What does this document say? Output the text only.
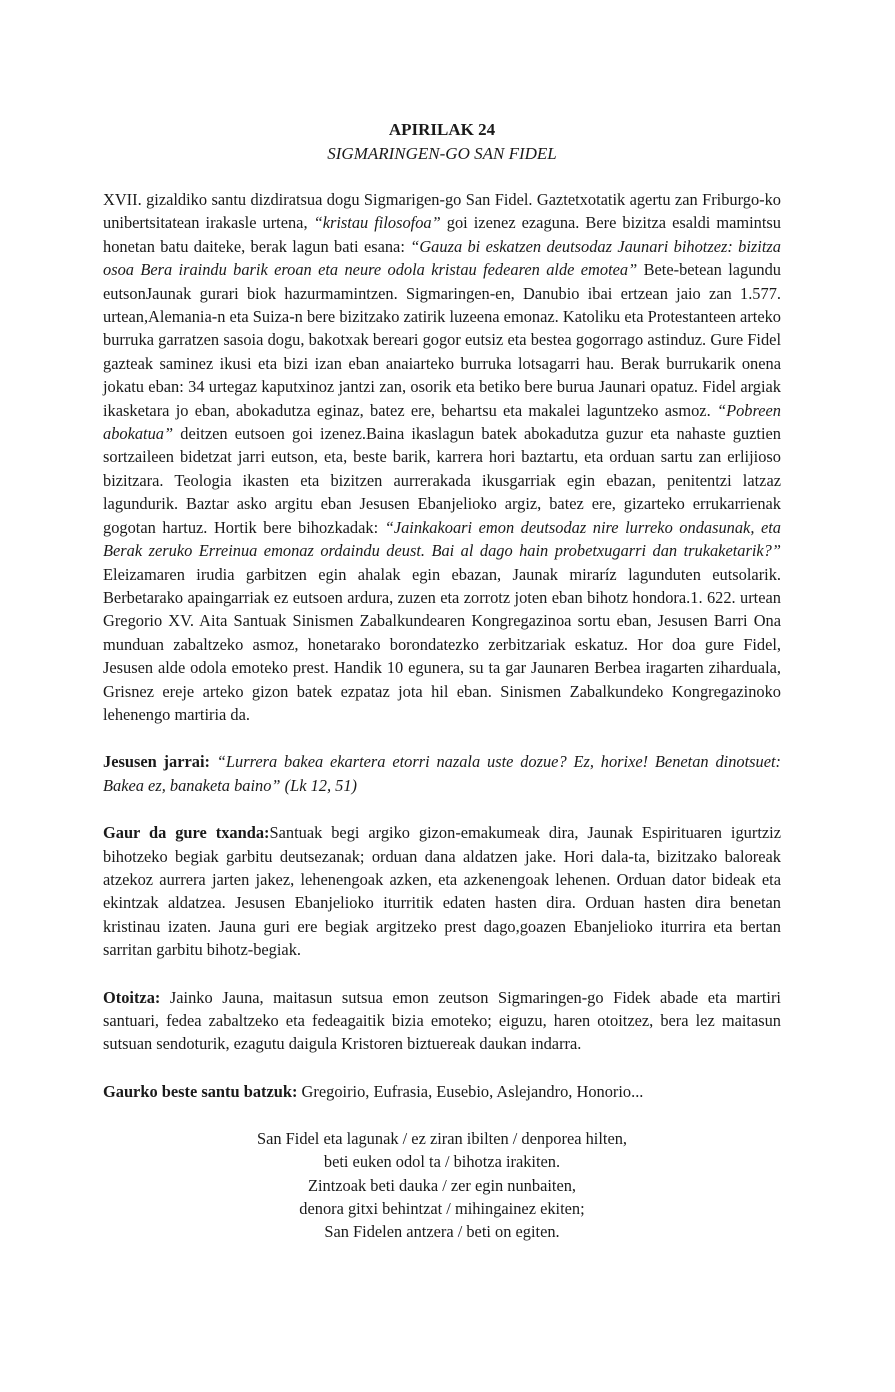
APIRILAK 24
SIGMARINGEN-GO SAN FIDEL

XVII. gizaldiko santu dizdiratsua dogu Sigmarigen-go San Fidel. Gaztetxotatik agertu zan Friburgo-ko unibertsitatean irakasle urtena, “kristau filosofoa” goi izenez ezaguna. Bere bizitza esaldi mamintsu honetan batu daiteke, berak lagun bati esana: “Gauza bi eskatzen deutsodaz Jaunari bihotzez: bizitza osoa Bera iraindu barik eroan eta neure odola kristau fedearen alde emotea” Bete-betean lagundu eutsonJaunak gurari biok hazurmamintzen. Sigmaringen-en, Danubio ibai ertzean jaio zan 1.577. urtean,Alemania-n eta Suiza-n bere bizitzako zatirik luzeena emonaz. Katoliku eta Protestanteen arteko burruka garratzen sasoia dogu, bakotxak bereari gogor eutsiz eta bestea gogorrago astinduz. Gure Fidel gazteak saminez ikusi eta bizi izan eban anaiarteko burruka lotsagarri hau. Berak burrukarik onena jokatu eban: 34 urtegaz kaputxinoz jantzi zan, osorik eta betiko bere burua Jaunari opatuz. Fidel argiak ikasketara jo eban, abokadutza eginaz, batez ere, behartsu eta makalei laguntzeko asmoz. “Pobreen abokatua” deitzen eutsoen goi izenez.Baina ikaslagun batek abokadutza guzur eta nahaste guztien sortzaileen bidetzat jarri eutson, eta, beste barik, karrera hori baztartu, eta orduan sartu zan erlijioso bizitzara. Teologia ikasten eta bizitzen aurrerakada ikusgarriak egin ebazan, penitentzi latzaz lagundurik. Baztar asko argitu eban Jesusen Ebanjelioko argiz, batez ere, gizarteko errukarrienak gogotan hartuz. Hortik bere bihozkadak: “Jainkakoari emon deutsodaz nire lurreko ondasunak, eta Berak zeruko Erreinua emonaz ordaindu deust. Bai al dago hain probetxugarri dan trukaketarik?” Eleizamaren irudia garbitzen egin ahalak egin ebazan, Jaunak miraríz lagunduten eutsolarik. Berbetarako apaingarriak ez eutsoen ardura, zuzen eta zorrotz joten eban bihotz hondora.1. 622. urtean Gregorio XV. Aita Santuak Sinismen Zabalkundearen Kongregazinoa sortu eban, Jesusen Barri Ona munduan zabaltzeko asmoz, honetarako borondatezko zerbitzariak eskatuz. Hor doa gure Fidel, Jesusen alde odola emoteko prest. Handik 10 egunera, su ta gar Jaunaren Berbea iragarten ziharduala, Grisnez ereje arteko gizon batek ezpataz jota hil eban. Sinismen Zabalkundeko Kongregazinoko lehenengo martiria da.

Jesusen jarrai: “Lurrera bakea ekartera etorri nazala uste dozue? Ez, horixe! Benetan dinotsuet: Bakea ez, banaketa baino” (Lk 12, 51)

Gaur da gure txanda:Santuak begi argiko gizon-emakumeak dira, Jaunak Espirituaren igurtziz bihotzeko begiak garbitu deutsezanak; orduan dana aldatzen jake. Hori dala-ta, bizitzako baloreak atzekoz aurrera jarten jakez, lehenengoak azken, eta azkenengoak lehenen. Orduan dator bideak eta ekintzak aldatzea. Jesusen Ebanjelioko iturritik edaten hasten dira. Orduan hasten dira benetan kristinau izaten. Jauna guri ere begiak argitzeko prest dago,goazen Ebanjelioko iturrira eta bertan sarritan garbitu bihotz-begiak.

Otoitza: Jainko Jauna, maitasun sutsua emon zeutson Sigmaringen-go Fidek abade eta martiri santuari, fedea zabaltzeko eta fedeagaitik bizia emoteko; eiguzu, haren otoitzez, bera lez maitasun sutsuan sendoturik, ezagutu daigula Kristoren biztuereak daukan indarra.

Gaurko beste santu batzuk: Gregoirio, Eufrasia, Eusebio, Aslejandro, Honorio...

San Fidel eta lagunak / ez ziran ibilten / denporea hilten,
beti euken odol ta / bihotza irakiten.
Zintzoak beti dauka / zer egin nunbaiten,
denora gitxi behintzat / mihingainez ekiten;
San Fidelen antzera / beti on egiten.
